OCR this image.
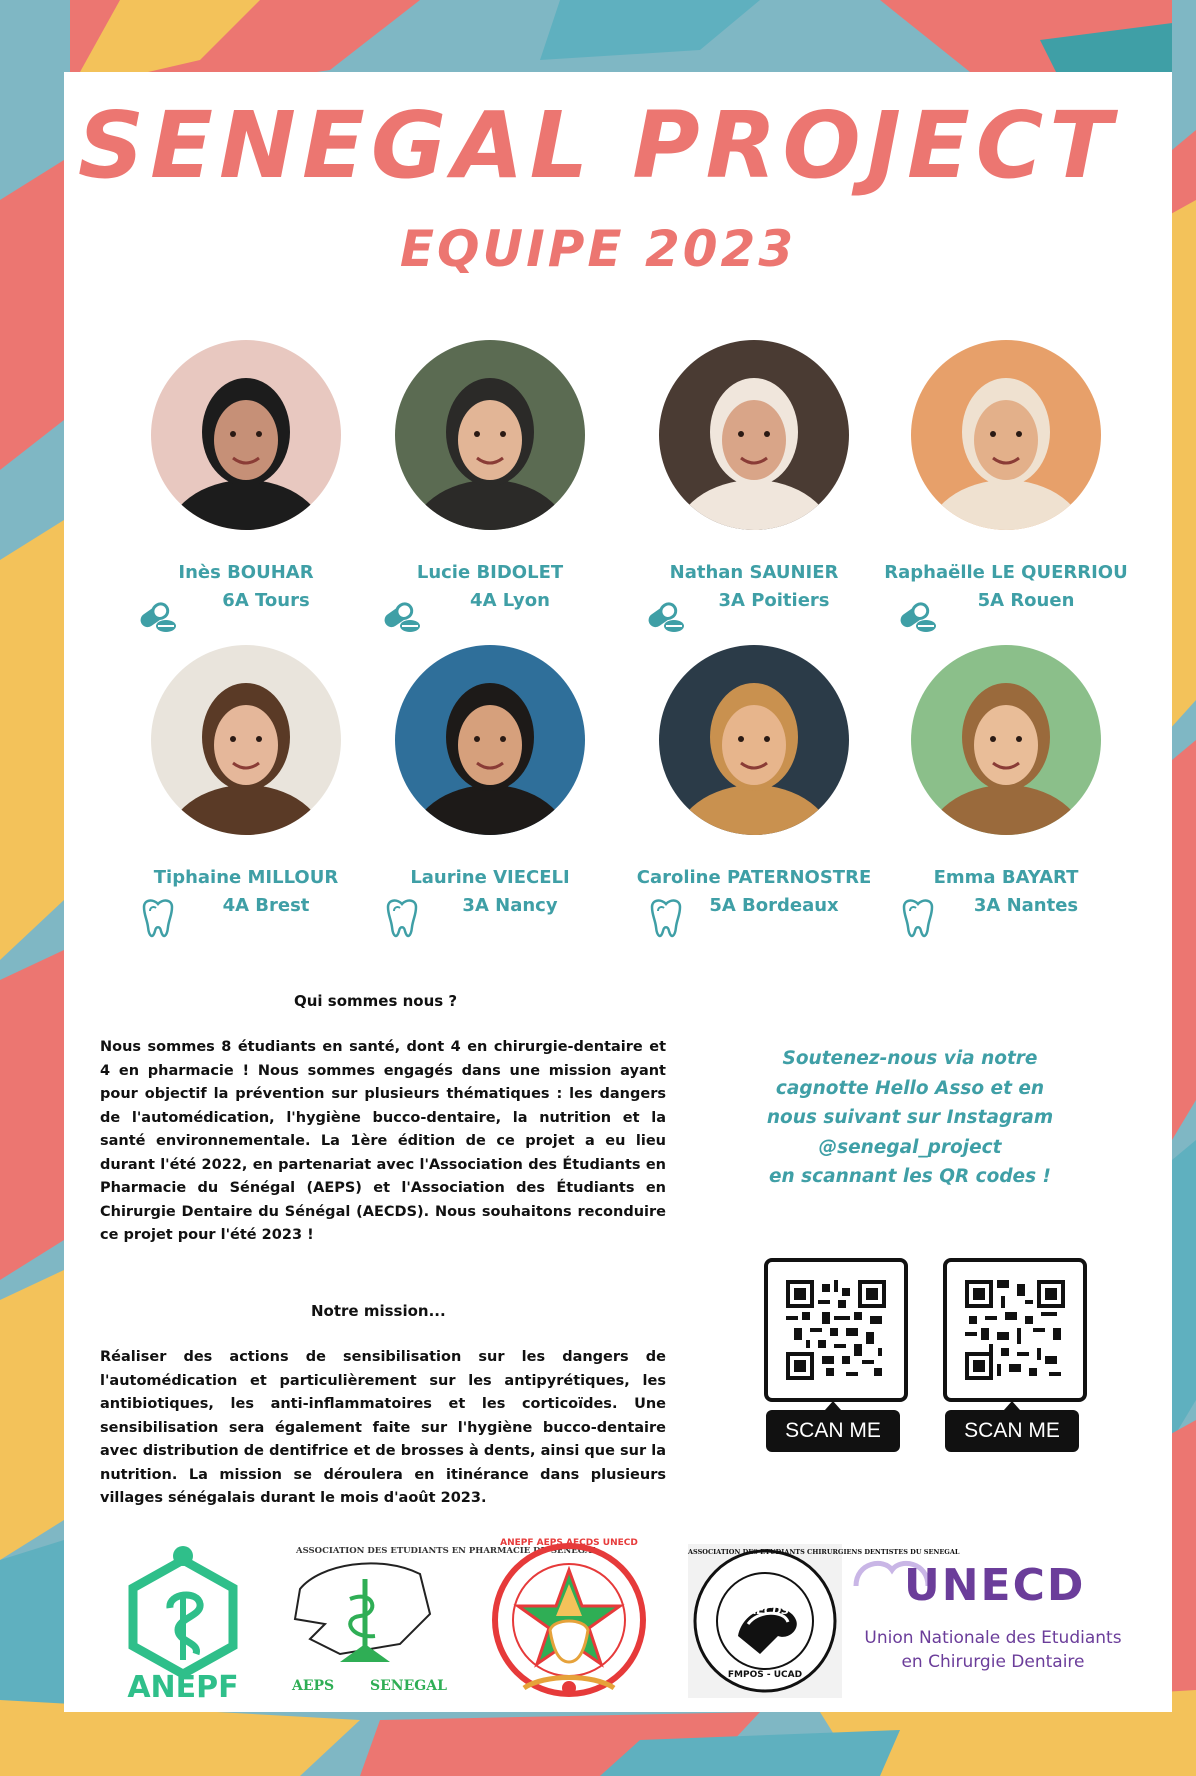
SENEGAL PROJECT
EQUIPE 2023
Inès BOUHAR
6A Tours
Lucie BIDOLET
4A Lyon
Nathan SAUNIER
3A Poitiers
Raphaëlle LE QUERRIOU
5A Rouen
Tiphaine MILLOUR
4A Brest
Laurine VIECELI
3A Nancy
Caroline PATERNOSTRE
5A Bordeaux
Emma BAYART
3A Nantes

Qui sommes nous ?

Nous sommes 8 étudiants en santé, dont 4 en chirurgie-dentaire et 4 en pharmacie ! Nous sommes engagés dans une mission ayant pour objectif la prévention sur plusieurs thématiques : les dangers de l'automédication, l'hygiène bucco-dentaire, la nutrition et la santé environnementale. La 1ère édition de ce projet a eu lieu durant l'été 2022, en partenariat avec l'Association des Étudiants en Pharmacie du Sénégal (AEPS) et l'Association des Étudiants en Chirurgie Dentaire du Sénégal (AECDS). Nous souhaitons reconduire ce projet pour l'été 2023 !

Notre mission...

Réaliser des actions de sensibilisation sur les dangers de l'automédication et particulièrement sur les antipyrétiques, les antibiotiques, les anti-inflammatoires et les corticoïdes. Une sensibilisation sera également faite sur l'hygiène bucco-dentaire avec distribution de dentifrice et de brosses à dents, ainsi que sur la nutrition. La mission se déroulera en itinérance dans plusieurs villages sénégalais durant le mois d'août 2023.

Soutenez-nous via notre
cagnotte Hello Asso et en
nous suivant sur Instagram
@senegal_project
en scannant les QR codes !
SCAN ME	SCAN ME
ANEPF
ASSOCIATION DES ETUDIANTS EN PHARMACIE DU SENEGAL
AEPS	SENEGAL
ANEPF AEPS AECDS UNECD
AECDS
ASSOCIATION DES ETUDIANTS CHIRURGIENS DENTISTES DU SENEGAL
FMPOS - UCAD
UNECD
Union Nationale des Etudiants
en Chirurgie Dentaire
